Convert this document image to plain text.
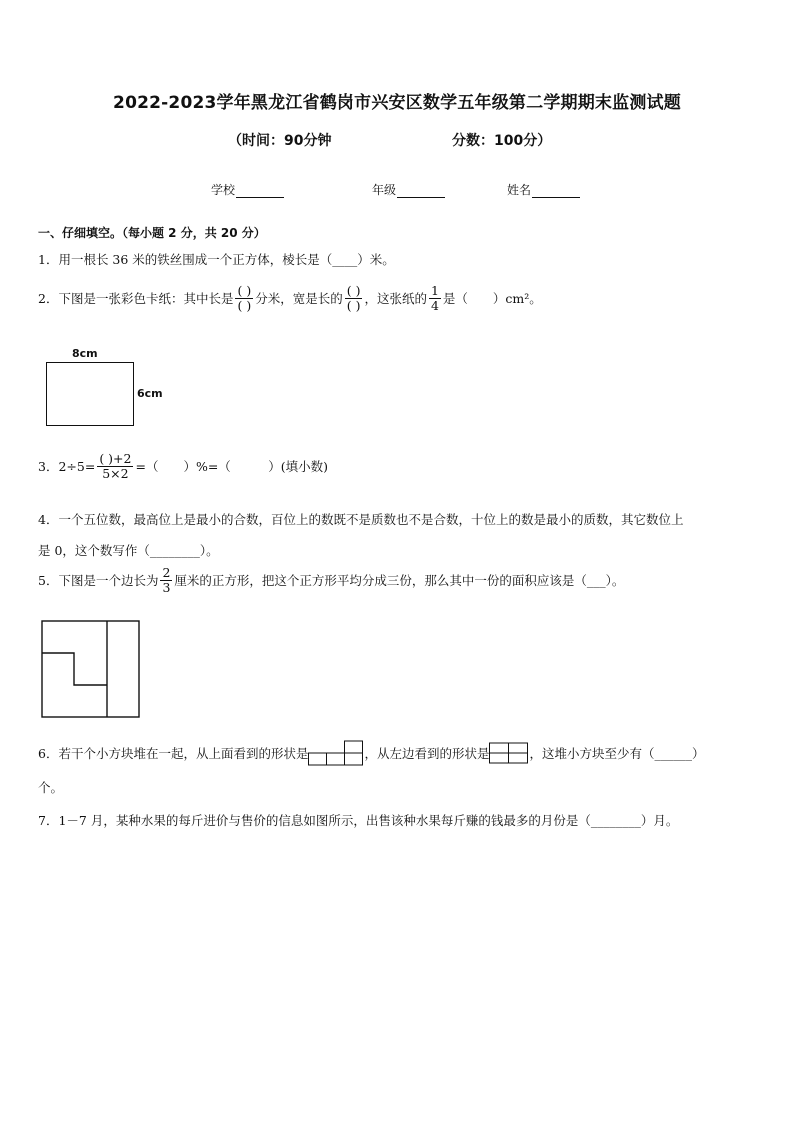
2022-2023学年黑龙江省鹤岗市兴安区数学五年级第二学期期末监测试题
（时间：90分钟	分数：100分）
学校	年级	姓名
一、仔细填空。（每小题 2 分，共 20 分）
1．用一根长 36 米的铁丝围成一个正方体，棱长是（____）米。
2．下图是一张彩色卡纸：其中长是 $\frac{( )}{( )}$ 分米，宽是长的 $\frac{( )}{( )}$ ，这张纸的 $\frac{1}{4}$ 是（　　）cm²。
8cm
6cm
3．$2\div 5= \frac{( )+2}{5\times 2}$ =（　　）%=（　　　）(填小数)
4．一个五位数，最高位上是最小的合数，百位上的数既不是质数也不是合数，十位上的数是最小的质数，其它数位上
是 0，这个数写作（________）。
5．下图是一个边长为 $\frac{2}{3}$ 厘米的正方形，把这个正方形平均分成三份，那么其中一份的面积应该是（___）。
6．若干个小方块堆在一起，从上面看到的形状是	，从左边看到的形状是	，这堆小方块至少有（______）
个。
7．1－7 月，某种水果的每斤进价与售价的信息如图所示，出售该种水果每斤赚的钱最多的月份是（________）月。
